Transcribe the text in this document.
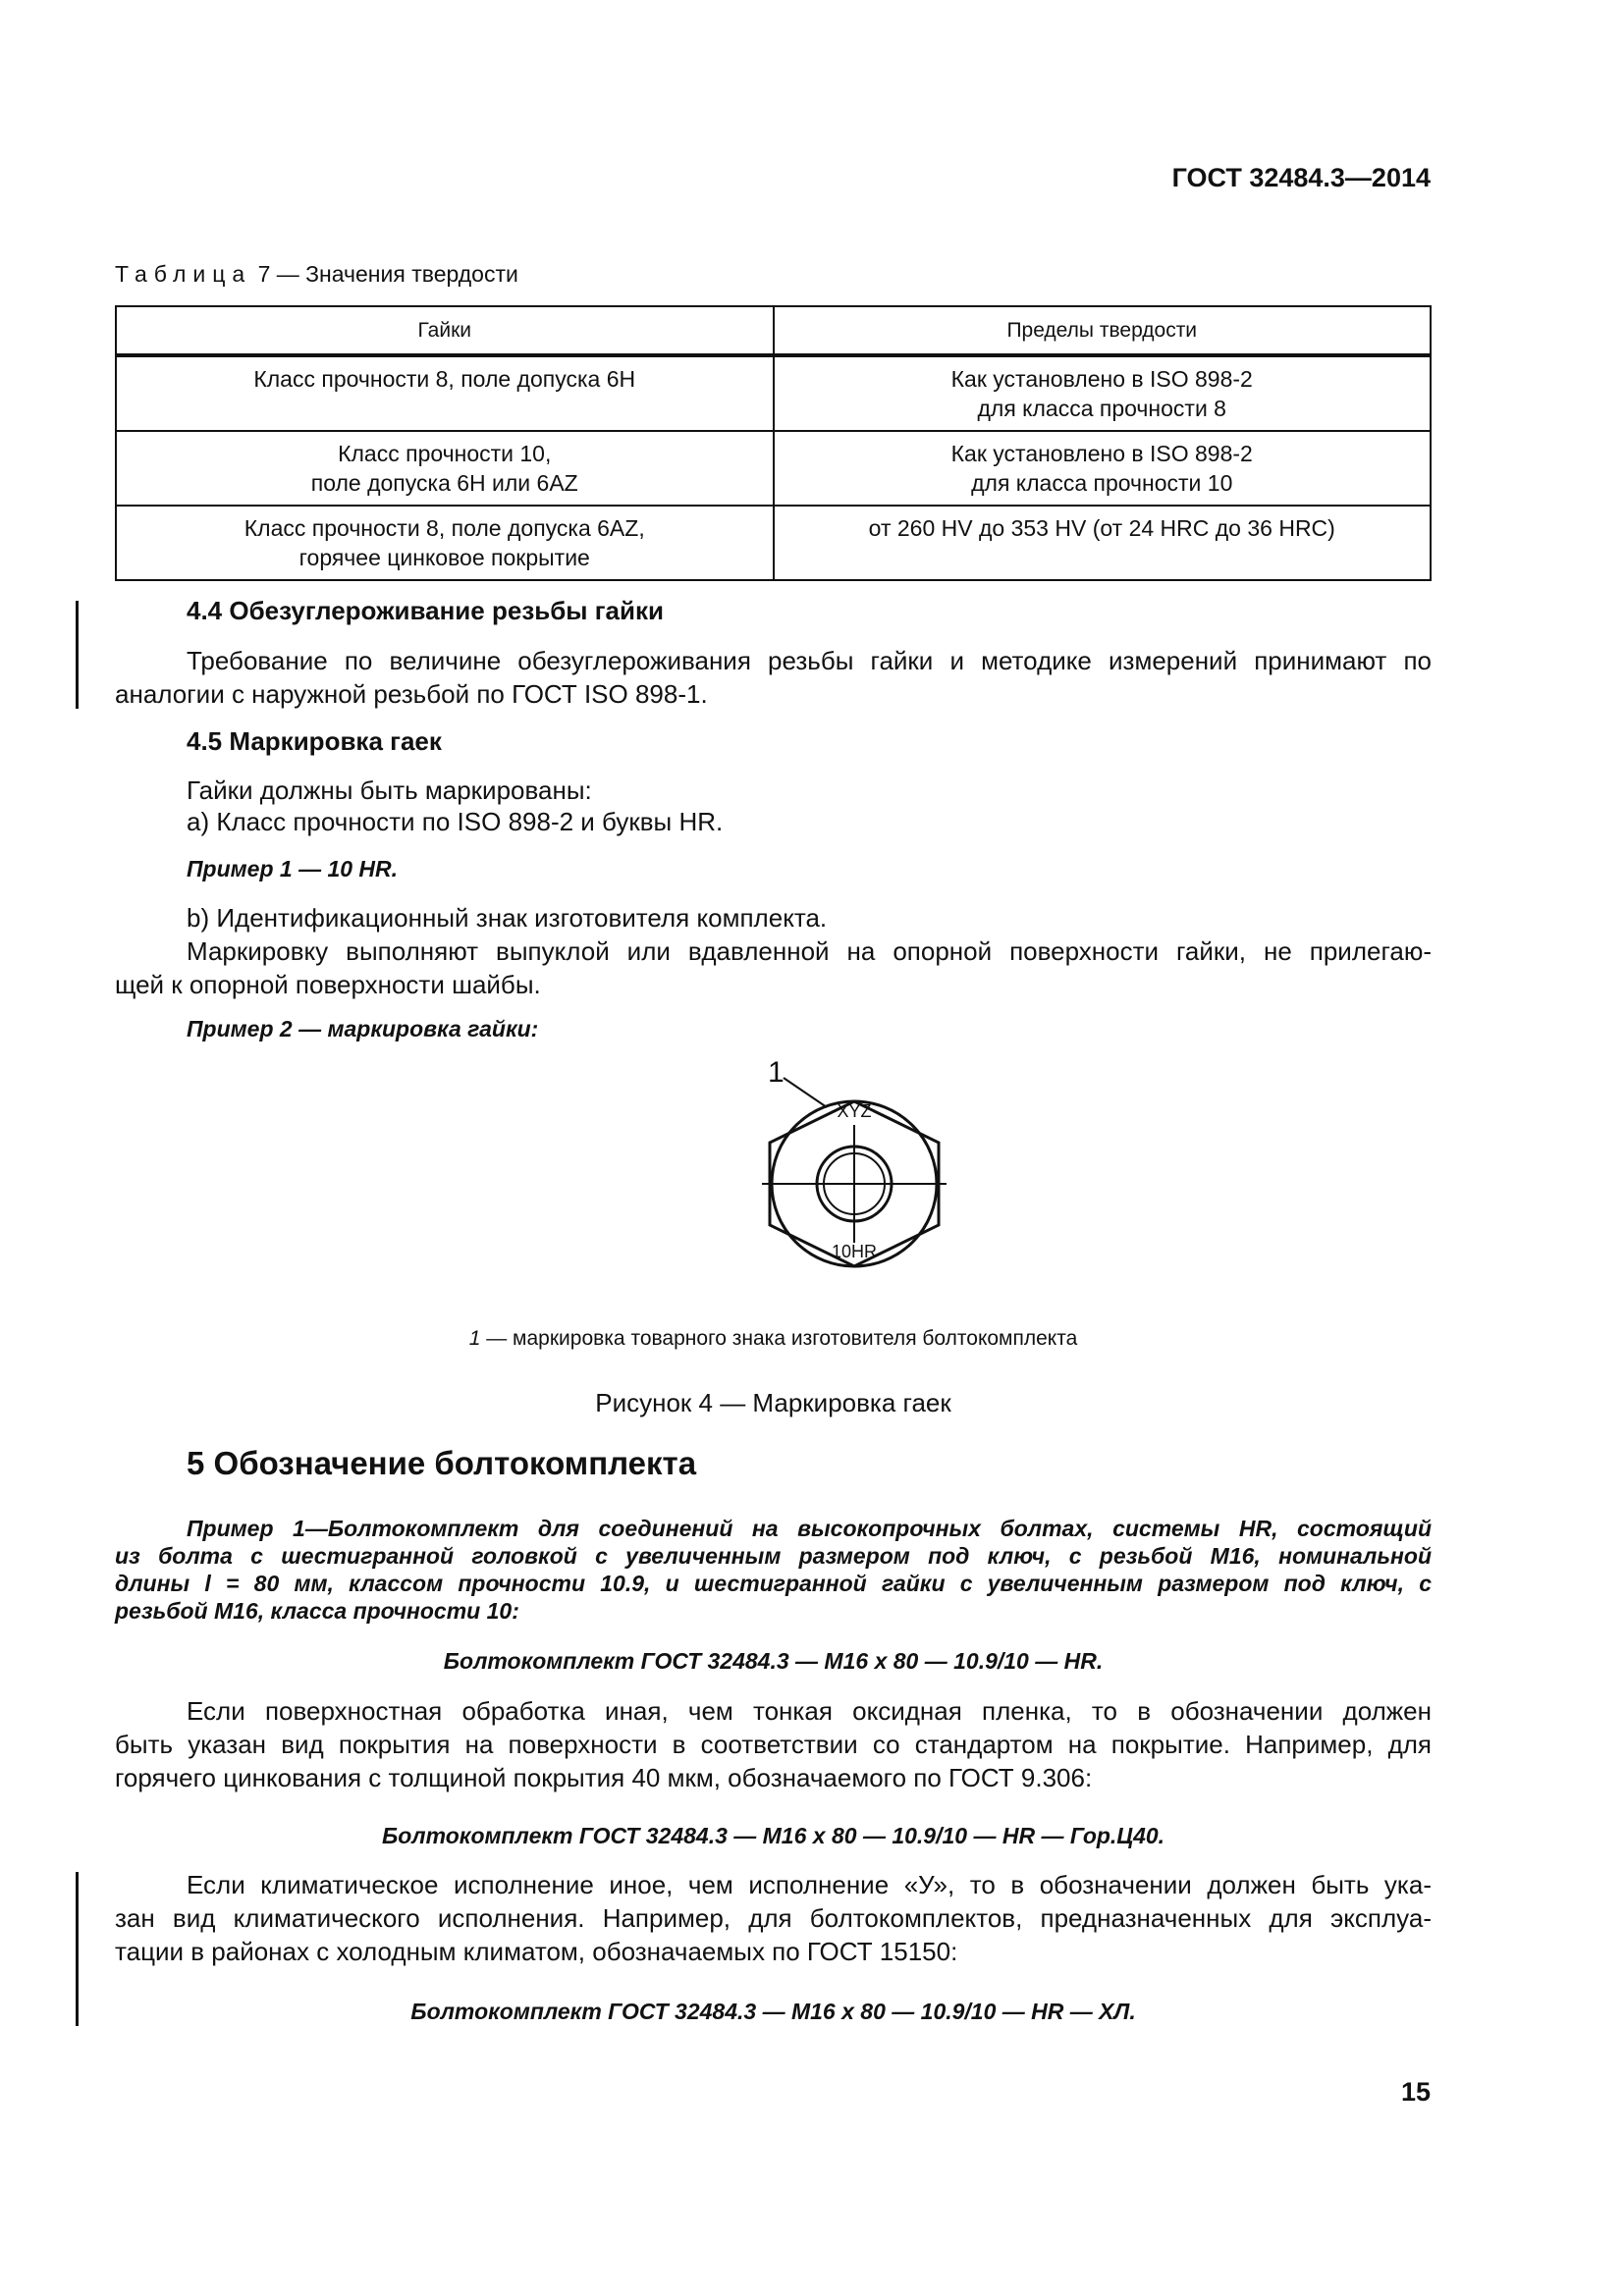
ГОСТ 32484.3—2014
Таблица 7 — Значения твердости
Гайки	Пределы твердости

Класс прочности 8, поле допуска 6H	Как установлено в ISO 898-2
для класса прочности 8

Класс прочности 10,
поле допуска 6H или 6AZ	Как установлено в ISO 898-2
для класса прочности 10

Класс прочности 8, поле допуска 6AZ,
горячее цинковое покрытие	от 260 HV до 353 HV (от 24 HRC до 36 HRC)
4.4 Обезуглероживание резьбы гайки
Требование по величине обезуглероживания резьбы гайки и методике измерений принимают по
аналогии с наружной резьбой по ГОСТ ISO 898-1.
4.5 Маркировка гаек
Гайки должны быть маркированы:
а) Класс прочности по ISO 898-2 и буквы HR.
Пример 1 — 10 HR.
b) Идентификационный знак изготовителя комплекта.
Маркировку выполняют выпуклой или вдавленной на опорной поверхности гайки, не прилегаю-
щей к опорной поверхности шайбы.
Пример 2 — маркировка гайки:
1
XYZ
10HR
1 — маркировка товарного знака изготовителя болтокомплекта
Рисунок 4 — Маркировка гаек
5 Обозначение болтокомплекта
Пример 1—Болтокомплект для соединений на высокопрочных болтах, системы HR, состоящий
из болта с шестигранной головкой с увеличенным размером под ключ, с резьбой М16, номинальной
длины l = 80 мм, классом прочности 10.9, и шестигранной гайки с увеличенным размером под ключ, с
резьбой М16, класса прочности 10:
Болтокомплект ГОСТ 32484.3 — М16 х 80 — 10.9/10 — HR.
Если поверхностная обработка иная, чем тонкая оксидная пленка, то в обозначении должен
быть указан вид покрытия на поверхности в соответствии со стандартом на покрытие. Например, для
горячего цинкования с толщиной покрытия 40 мкм, обозначаемого по ГОСТ 9.306:
Болтокомплект ГОСТ 32484.3 — М16 х 80 — 10.9/10 — HR — Гор.Ц40.
Если климатическое исполнение иное, чем исполнение «У», то в обозначении должен быть ука-
зан вид климатического исполнения. Например, для болтокомплектов, предназначенных для эксплуа-
тации в районах с холодным климатом, обозначаемых по ГОСТ 15150:
Болтокомплект ГОСТ 32484.3 — М16 х 80 — 10.9/10 — HR — ХЛ.
15
